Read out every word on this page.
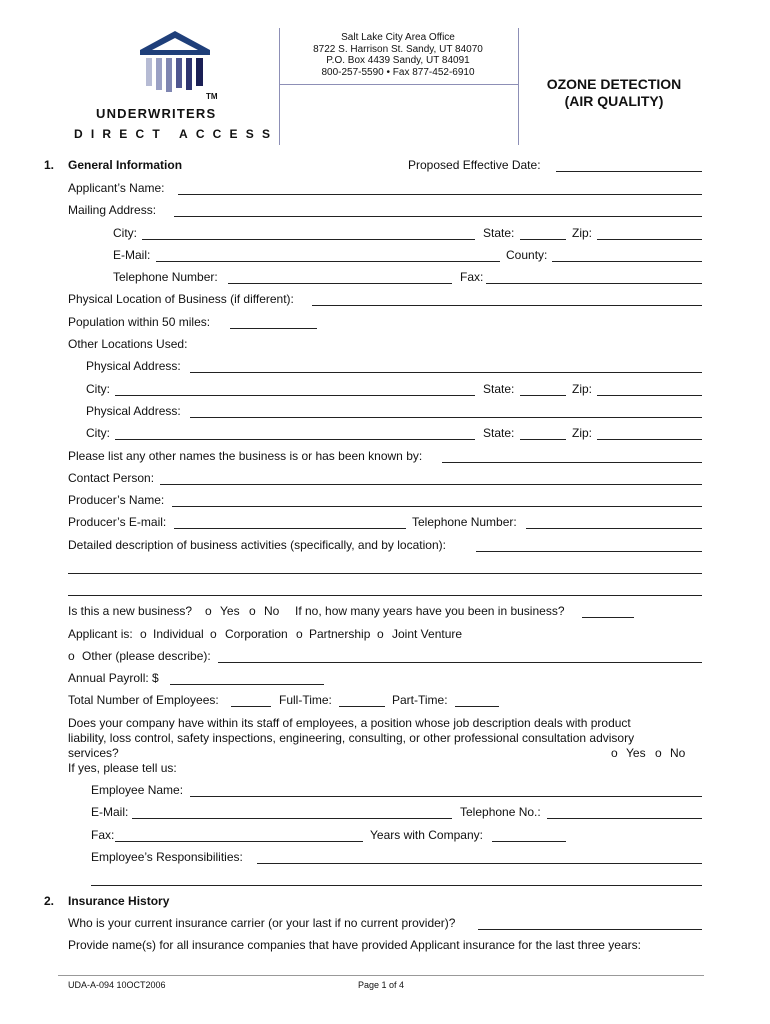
TM
UNDERWRITERS
DIRECT ACCESS
Salt Lake City Area Office
8722 S. Harrison St. Sandy, UT 84070
P.O. Box 4439 Sandy, UT 84091
800-257-5590 • Fax 877-452-6910
OZONE DETECTION
(AIR QUALITY)
1. General Information	Proposed Effective Date:
Applicant’s Name:
Mailing Address:
City:	State:	Zip:
E-Mail:	County:
Telephone Number:	Fax:
Physical Location of Business (if different):
Population within 50 miles:
Other Locations Used:
Physical Address:
City:	State:	Zip:
Physical Address:
City:	State:	Zip:
Please list any other names the business is or has been known by:
Contact Person:
Producer’s Name:
Producer’s E-mail:	Telephone Number:
Detailed description of business activities (specifically, and by location):
Is this a new business? o Yes o No If no, how many years have you been in business?
Applicant is: o Individual o Corporation o Partnership o Joint Venture
o Other (please describe):
Annual Payroll: $
Total Number of Employees:	Full-Time:	Part-Time:
Does your company have within its staff of employees, a position whose job description deals with product
liability, loss control, safety inspections, engineering, consulting, or other professional consultation advisory
services?	o Yes o No
If yes, please tell us:
Employee Name:
E-Mail:	Telephone No.:
Fax:	Years with Company:
Employee’s Responsibilities:
2. Insurance History
Who is your current insurance carrier (or your last if no current provider)?
Provide name(s) for all insurance companies that have provided Applicant insurance for the last three years:
UDA-A-094 10OCT2006	Page 1 of 4
